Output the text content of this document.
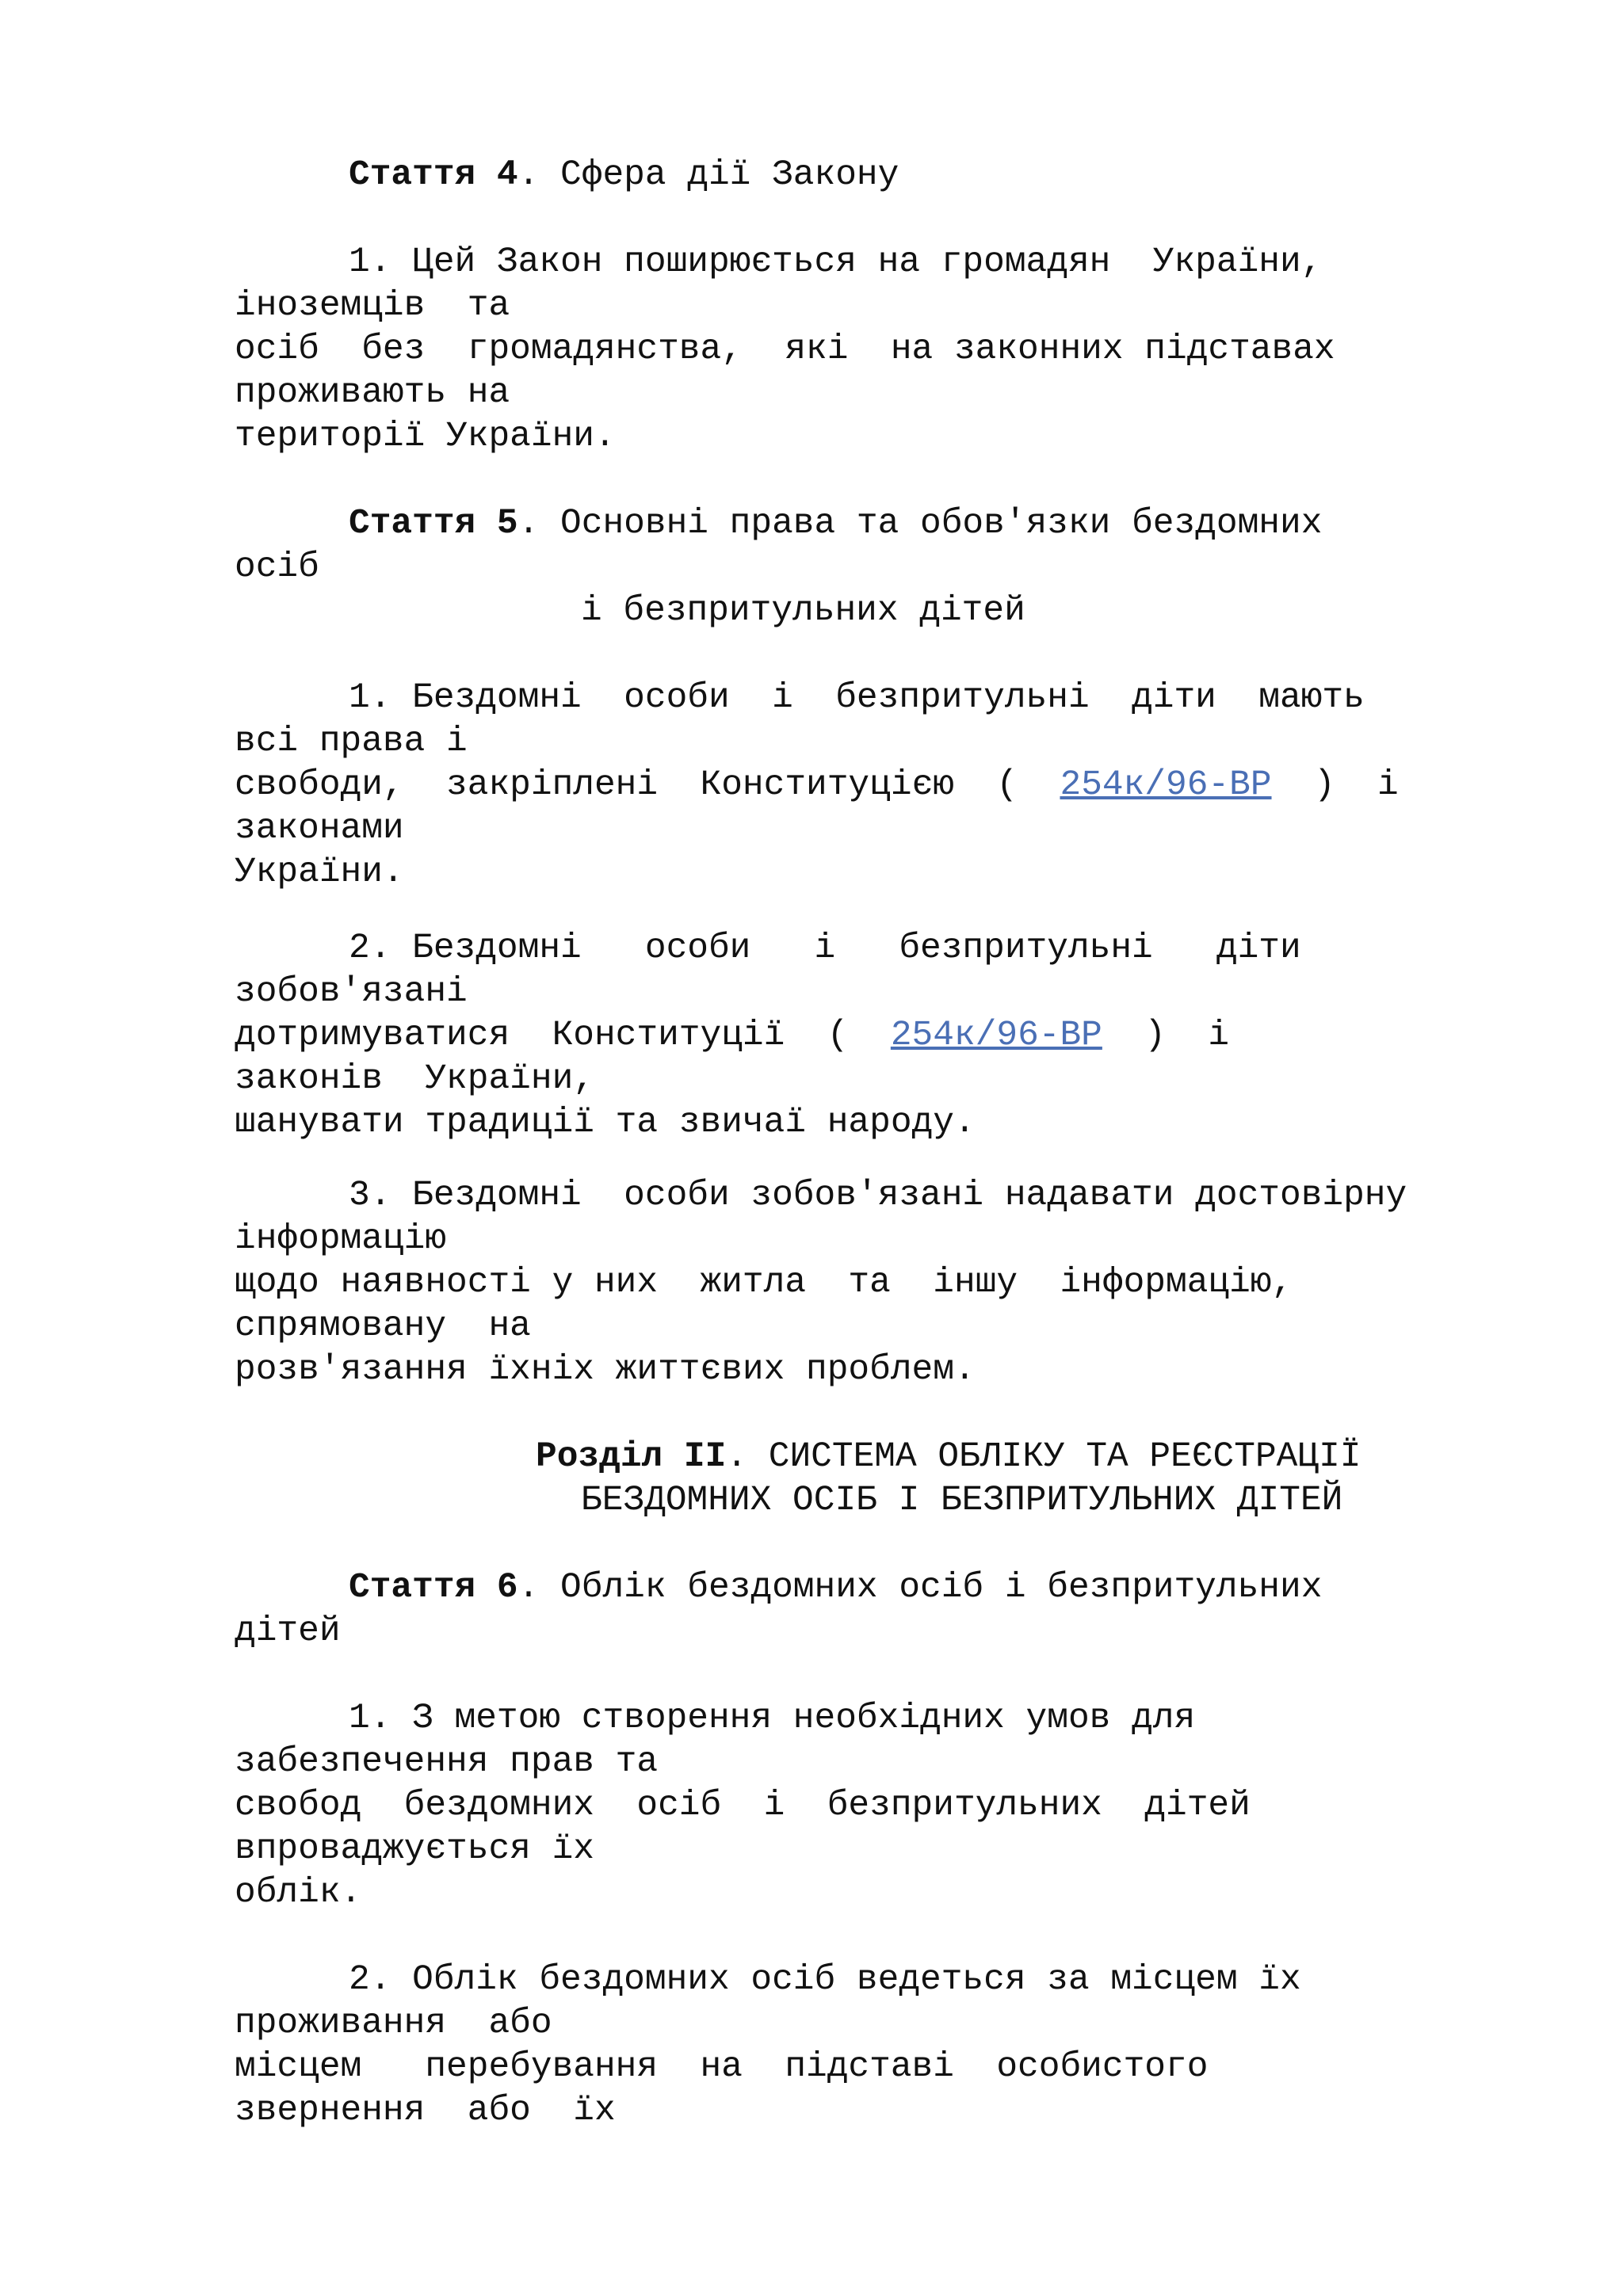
Стаття 4. Сфера дії Закону
1. Цей Закон поширюється на громадян  України,
іноземців  та
осіб  без  громадянства,  які  на законних підставах
проживають на
території України.
Стаття 5. Основні права та обов'язки бездомних
осіб
і безпритульних дітей
1. Бездомні  особи  і  безпритульні  діти  мають
всі права і
свободи,  закріплені  Конституцією  (  254к/96-ВР  )  і
законами
України.
2. Бездомні   особи   і   безпритульні   діти
зобов'язані
дотримуватися  Конституції  (  254к/96-ВР  )  і
законів  України,
шанувати традиції та звичаї народу.
3. Бездомні  особи зобов'язані надавати достовірну
інформацію
щодо наявності у них  житла  та  іншу  інформацію,
спрямовану  на
розв'язання їхніх життєвих проблем.
Розділ II. СИСТЕМА ОБЛІКУ ТА РЕЄСТРАЦІЇ
БЕЗДОМНИХ ОСІБ І БЕЗПРИТУЛЬНИХ ДІТЕЙ
Стаття 6. Облік бездомних осіб і безпритульних
дітей
1. З метою створення необхідних умов для
забезпечення прав та
свобод  бездомних  осіб  і  безпритульних  дітей
впроваджується їх
облік.
2. Облік бездомних осіб ведеться за місцем їх
проживання  або
місцем   перебування  на  підставі  особистого
звернення  або  їх
